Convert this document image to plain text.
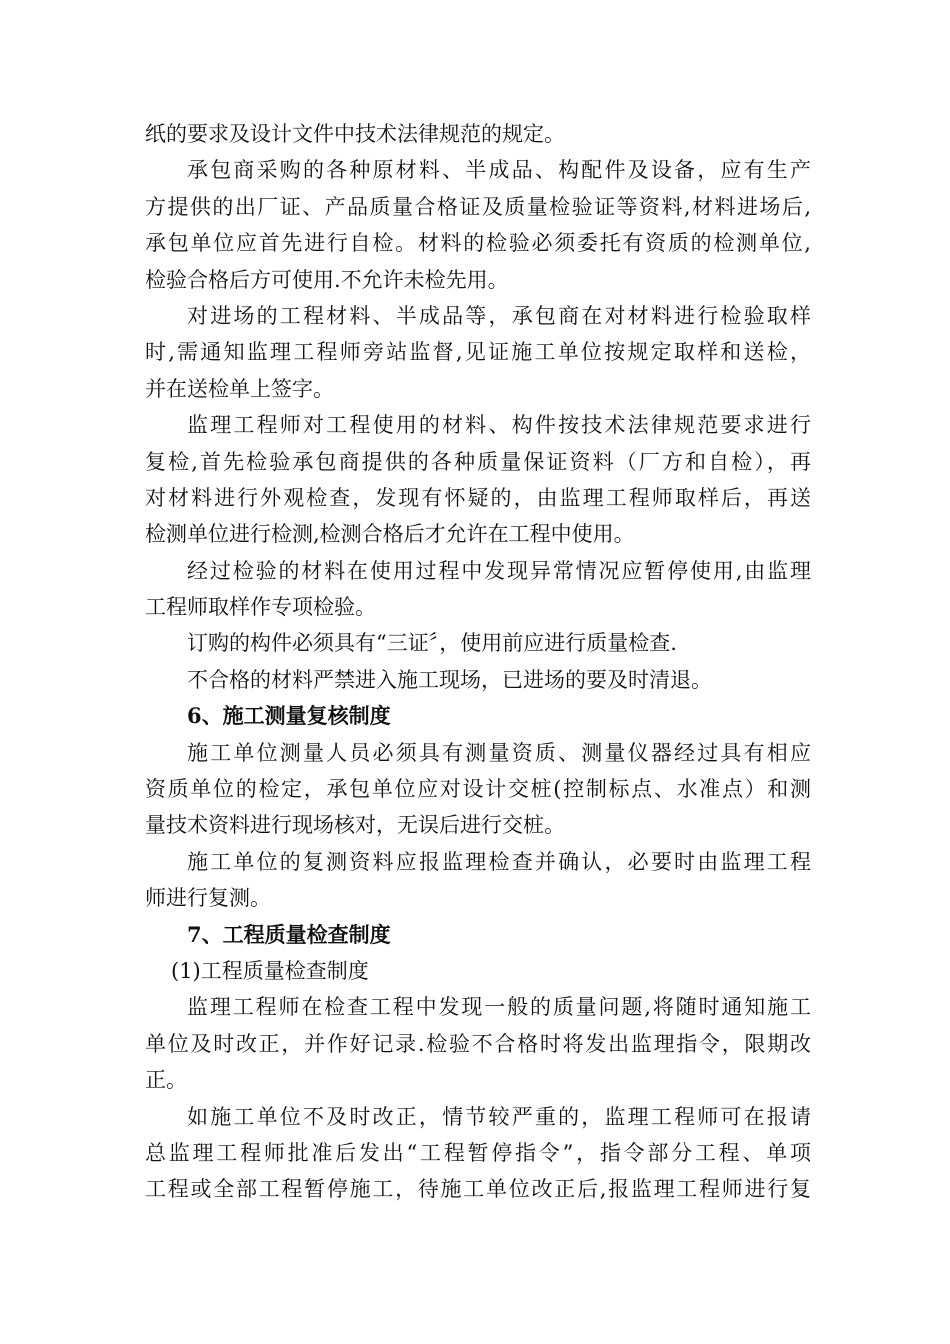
纸的要求及设计文件中技术法律规范的规定。
承包商采购的各种原材料、半成品、构配件及设备，应有生产
方提供的出厂证、产品质量合格证及质量检验证等资料,材料进场后,
承包单位应首先进行自检。材料的检验必须委托有资质的检测单位,
检验合格后方可使用.不允许未检先用。
对进场的工程材料、半成品等，承包商在对材料进行检验取样
时,需通知监理工程师旁站监督,见证施工单位按规定取样和送检，
并在送检单上签字。
监理工程师对工程使用的材料、构件按技术法律规范要求进行
复检,首先检验承包商提供的各种质量保证资料（厂方和自检），再
对材料进行外观检查，发现有怀疑的，由监理工程师取样后，再送
检测单位进行检测,检测合格后才允许在工程中使用。
经过检验的材料在使用过程中发现异常情况应暂停使用,由监理
工程师取样作专项检验。
订购的构件必须具有“三证〞，使用前应进行质量检查.
不合格的材料严禁进入施工现场，已进场的要及时清退。
6、施工测量复核制度
施工单位测量人员必须具有测量资质、测量仪器经过具有相应
资质单位的检定，承包单位应对设计交桩(控制标点、水准点）和测
量技术资料进行现场核对，无误后进行交桩。
施工单位的复测资料应报监理检查并确认，必要时由监理工程
师进行复测。
7、工程质量检查制度
(1)工程质量检查制度
监理工程师在检查工程中发现一般的质量问题,将随时通知施工
单位及时改正，并作好记录.检验不合格时将发出监理指令，限期改
正。
如施工单位不及时改正，情节较严重的，监理工程师可在报请
总监理工程师批准后发出“工程暂停指令”，指令部分工程、单项
工程或全部工程暂停施工，待施工单位改正后,报监理工程师进行复
